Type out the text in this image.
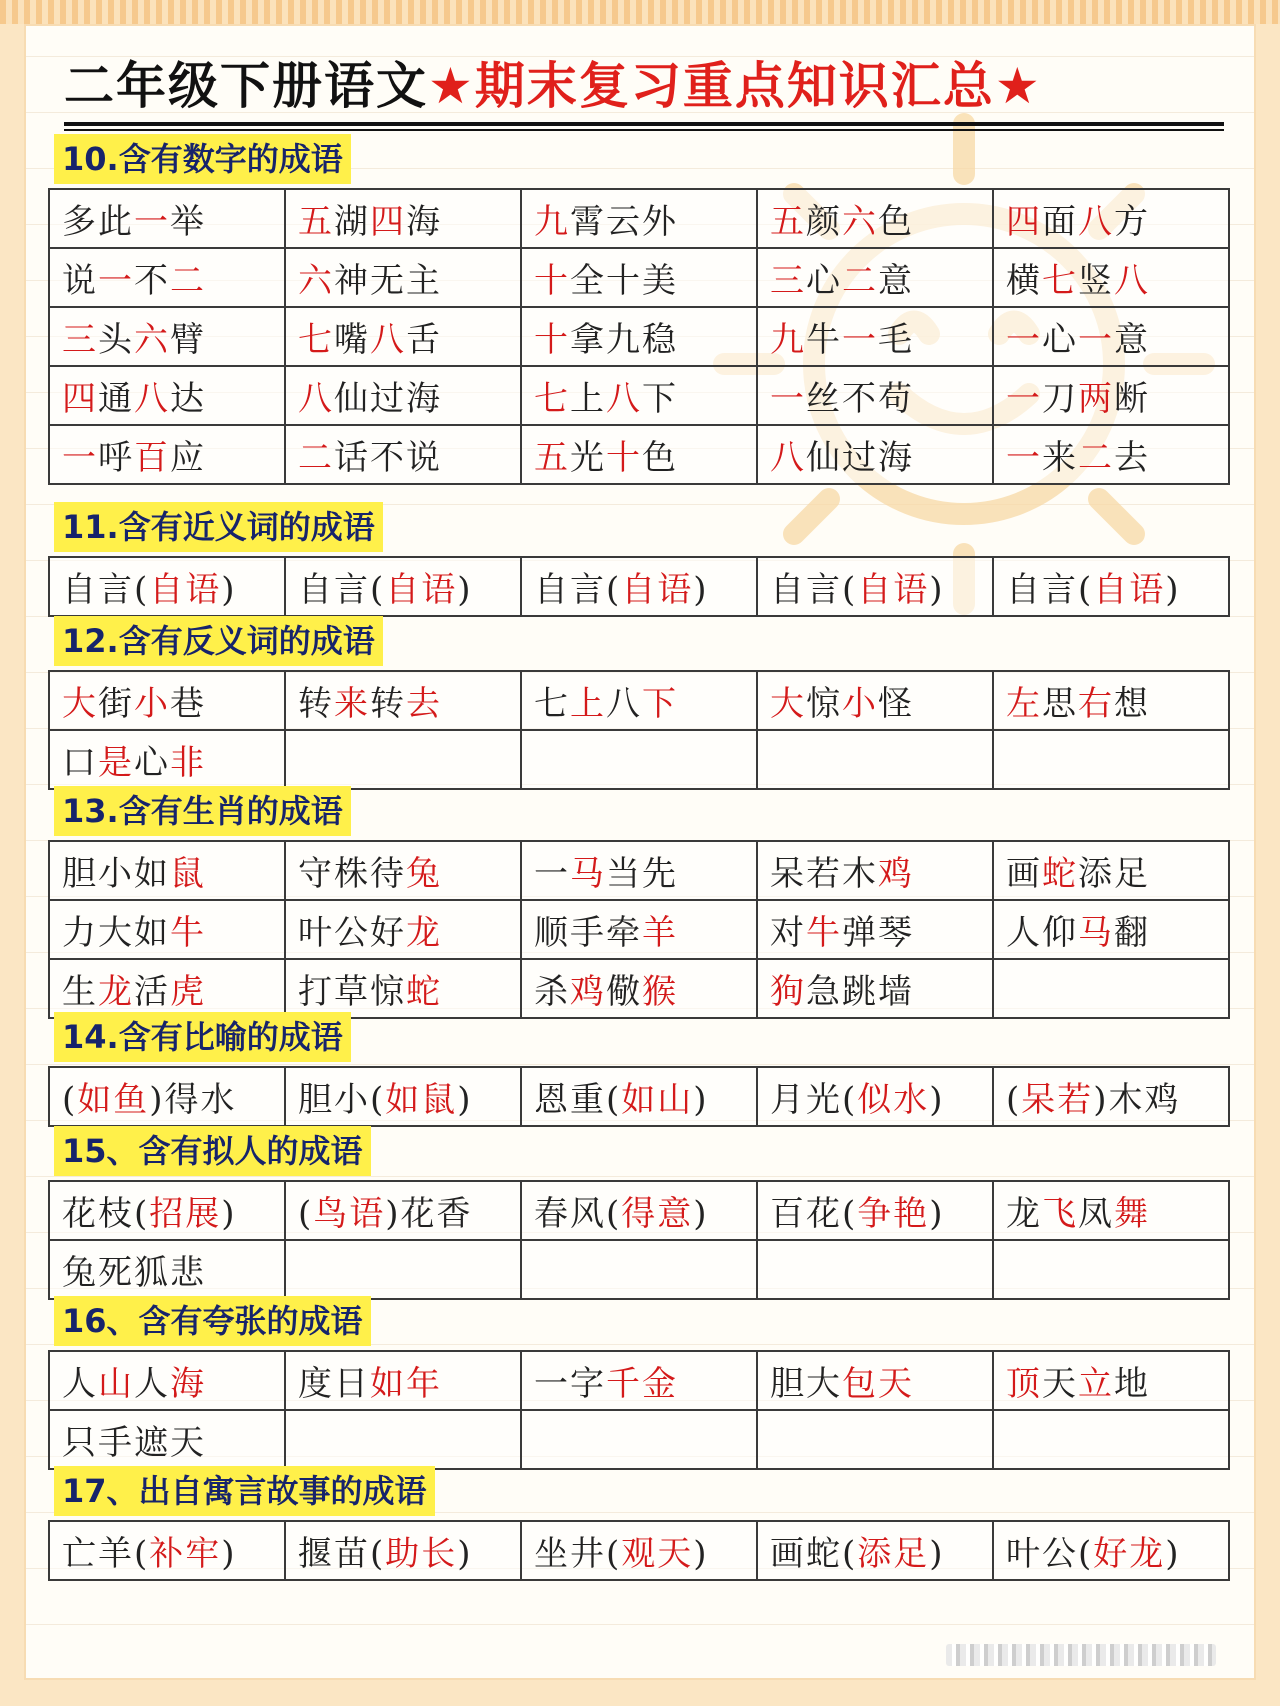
二年级下册语文 ★期末复习重点知识汇总★
10.含有数字的成语
多此一举	五湖四海	九霄云外	五颜六色	四面八方
说一不二	六神无主	十全十美	三心二意	横七竖八
三头六臂	七嘴八舌	十拿九稳	九牛一毛	一心一意
四通八达	八仙过海	七上八下	一丝不苟	一刀两断
一呼百应	二话不说	五光十色	八仙过海	一来二去
11.含有近义词的成语
自言(自语)	自言(自语)	自言(自语)	自言(自语)	自言(自语)
12.含有反义词的成语
大街小巷	转来转去	七上八下	大惊小怪	左思右想
口是心非				
13.含有生肖的成语
胆小如鼠	守株待兔	一马当先	呆若木鸡	画蛇添足
力大如牛	叶公好龙	顺手牵羊	对牛弹琴	人仰马翻
生龙活虎	打草惊蛇	杀鸡儆猴	狗急跳墙	
14.含有比喻的成语
(如鱼)得水	胆小(如鼠)	恩重(如山)	月光(似水)	(呆若)木鸡
15、含有拟人的成语
花枝(招展)	(鸟语)花香	春风(得意)	百花(争艳)	龙飞凤舞
兔死狐悲				
16、含有夸张的成语
人山人海	度日如年	一字千金	胆大包天	顶天立地
只手遮天				
17、出自寓言故事的成语
亡羊(补牢)	揠苗(助长)	坐井(观天)	画蛇(添足)	叶公(好龙)
